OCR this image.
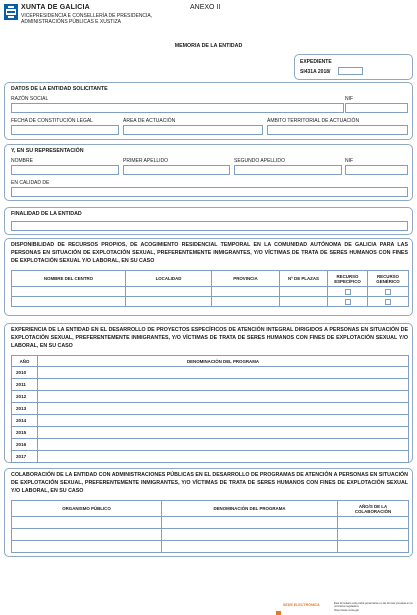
XUNTA DE GALICIA
VICEPRESIDENCIA E CONSELLERÍA DE PRESIDENCIA,
ADMINISTRACIÓNS PÚBLICAS E XUSTIZA
ANEXO II
MEMORIA DE LA ENTIDAD
EXPEDIENTE
SI431A 2018/
DATOS DE LA ENTIDAD SOLICITANTE
RAZÓN SOCIAL	NIF
FECHA DE CONSTITUCIÓN LEGAL	ÁREA DE ACTUACIÓN	ÁMBITO TERRITORIAL DE ACTUACIÓN
Y, EN SU REPRESENTACIÓN
NOMBRE	PRIMER APELLIDO	SEGUNDO APELLIDO	NIF
EN CALIDAD DE
FINALIDAD DE LA ENTIDAD
DISPONIBILIDAD DE RECURSOS PROPIOS, DE ACOGIMIENTO RESIDENCIAL TEMPORAL EN LA COMUNIDAD AUTÓNOMA DE GALICIA PARA LAS PERSONAS EN SITUACIÓN DE EXPLOTACIÓN SEXUAL, PREFERENTEMENTE INMIGRANTES, Y/O VÍCTIMAS DE TRATA DE SERES HUMANOS CON FINES DE EXPLOTACIÓN SEXUAL Y/O LABORAL, EN SU CASO
NOMBRE DEL CENTRO	LOCALIDAD	PROVINCIA	Nº DE PLAZAS	RECURSO ESPECÍFICO	RECURSO GENÉRICO

EXPERIENCIA DE LA ENTIDAD EN EL DESARROLLO DE PROYECTOS ESPECÍFICOS DE ATENCIÓN INTEGRAL DIRIGIDOS A PERSONAS EN SITUACIÓN DE EXPLOTACIÓN SEXUAL, PREFERENTEMENTE INMIGRANTES, Y/O VÍCTIMAS DE TRATA DE SERES HUMANOS CON FINES DE EXPLOTACIÓN SEXUAL Y/O LABORAL, EN SU CASO
AÑO	DENOMINACIÓN DEL PROGRAMA
2010	
2011	
2012	
2013	
2014	
2015	
2016	
2017	
COLABORACIÓN DE LA ENTIDAD CON ADMINISTRACIONES PÚBLICAS EN EL DESARROLLO DE PROGRAMAS DE ATENCIÓN A PERSONAS EN SITUACIÓN DE EXPLOTACIÓN SEXUAL, PREFERENTEMENTE INMIGRANTES, Y/O VÍCTIMAS DE TRATA DE SERES HUMANOS CON FINES DE EXPLOTACIÓN SEXUAL Y/O LABORAL, EN SU CASO
ORGANISMO PÚBLICO	DENOMINACIÓN DEL PROGRAMA	AÑO/S DE LA COLABORACIÓN

SEDE ELECTRÓNICA	Este formulario sólo podrá presentarse en las formas previstas en la normativa reguladora
https://sede.xunta.gal
